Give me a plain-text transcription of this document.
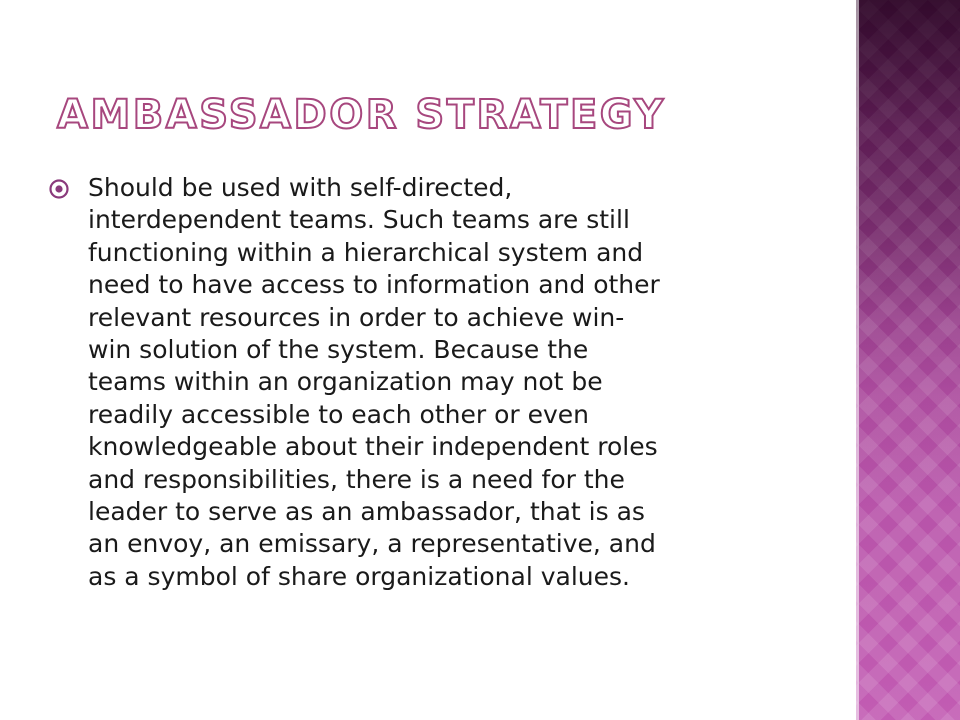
AMBASSADOR STRATEGY

Should be used with self-directed,
interdependent teams. Such teams are still
functioning within a hierarchical system and
need to have access to information and other
relevant resources in order to achieve win-
win solution of the system. Because the
teams within an organization may not be
readily accessible to each other or even
knowledgeable about their independent roles
and responsibilities, there is a need for the
leader to serve as an ambassador, that is as
an envoy, an emissary, a representative, and
as a symbol of share organizational values.
